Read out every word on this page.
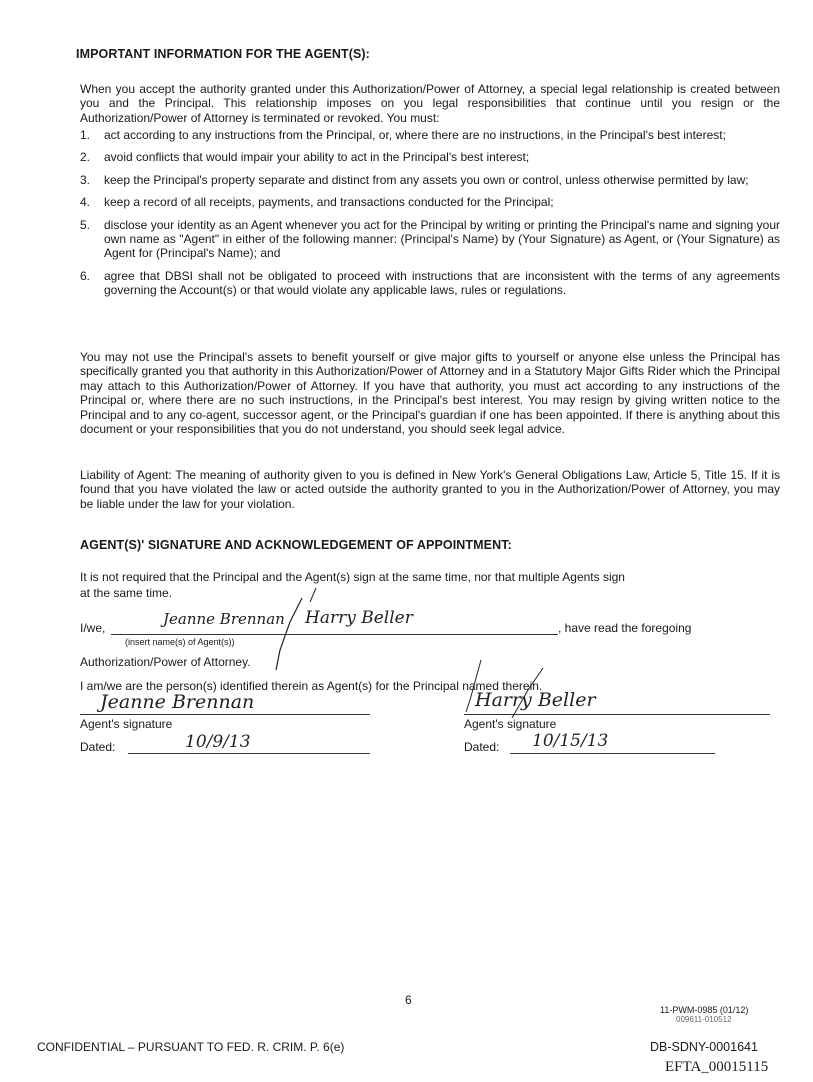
IMPORTANT INFORMATION FOR THE AGENT(S):
When you accept the authority granted under this Authorization/Power of Attorney, a special legal relationship is created between you and the Principal. This relationship imposes on you legal responsibilities that continue until you resign or the Authorization/Power of Attorney is terminated or revoked. You must:
1. act according to any instructions from the Principal, or, where there are no instructions, in the Principal's best interest;
2. avoid conflicts that would impair your ability to act in the Principal's best interest;
3. keep the Principal's property separate and distinct from any assets you own or control, unless otherwise permitted by law;
4. keep a record of all receipts, payments, and transactions conducted for the Principal;
5. disclose your identity as an Agent whenever you act for the Principal by writing or printing the Principal's name and signing your own name as "Agent" in either of the following manner: (Principal's Name) by (Your Signature) as Agent, or (Your Signature) as Agent for (Principal's Name); and
6. agree that DBSI shall not be obligated to proceed with instructions that are inconsistent with the terms of any agreements governing the Account(s) or that would violate any applicable laws, rules or regulations.
You may not use the Principal's assets to benefit yourself or give major gifts to yourself or anyone else unless the Principal has specifically granted you that authority in this Authorization/Power of Attorney and in a Statutory Major Gifts Rider which the Principal may attach to this Authorization/Power of Attorney. If you have that authority, you must act according to any instructions of the Principal or, where there are no such instructions, in the Principal's best interest. You may resign by giving written notice to the Principal and to any co-agent, successor agent, or the Principal's guardian if one has been appointed. If there is anything about this document or your responsibilities that you do not understand, you should seek legal advice.
Liability of Agent: The meaning of authority given to you is defined in New York's General Obligations Law, Article 5, Title 15. If it is found that you have violated the law or acted outside the authority granted to you in the Authorization/Power of Attorney, you may be liable under the law for your violation.
AGENT(S)' SIGNATURE AND ACKNOWLEDGEMENT OF APPOINTMENT:
It is not required that the Principal and the Agent(s) sign at the same time, nor that multiple Agents sign
at the same time.
I/we,	, have read the foregoing
(insert name(s) of Agent(s))
Jeanne Brennan Harry Beller
Authorization/Power of Attorney.
I am/we are the person(s) identified therein as Agent(s) for the Principal named therein.
Jeanne Brennan	Harry Beller
Agent's signature	Agent's signature
Dated:	10/9/13	Dated: 10/15/13
6
11-PWM-0985 (01/12)
009611-010512
CONFIDENTIAL – PURSUANT TO FED. R. CRIM. P. 6(e)	DB-SDNY-0001641
EFTA_00015115
